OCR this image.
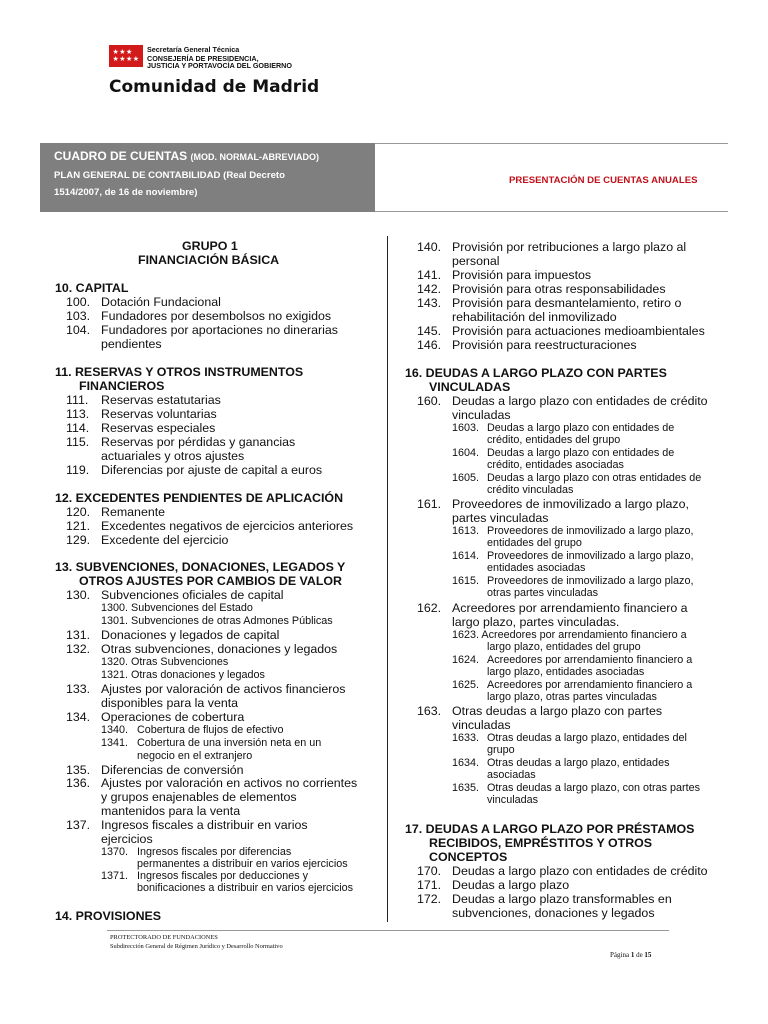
★★★
★★★★
Secretaría General Técnica
CONSEJERÍA DE PRESIDENCIA,
JUSTICIA Y PORTAVOCÍA DEL GOBIERNO
Comunidad de Madrid
CUADRO DE CUENTAS (MOD. NORMAL-ABREVIADO)
PLAN GENERAL DE CONTABILIDAD (Real Decreto
1514/2007, de 16 de noviembre)
PRESENTACIÓN DE CUENTAS ANUALES
GRUPO 1
FINANCIACIÓN BÁSICA
10. CAPITAL
100. Dotación Fundacional
103. Fundadores por desembolsos no exigidos
104. Fundadores por aportaciones no dinerarias
pendientes
11. RESERVAS Y OTROS INSTRUMENTOS
FINANCIEROS
111. Reservas estatutarias
113. Reservas voluntarias
114. Reservas especiales
115. Reservas por pérdidas y ganancias
actuariales y otros ajustes
119. Diferencias por ajuste de capital a euros
12. EXCEDENTES PENDIENTES DE APLICACIÓN
120. Remanente
121. Excedentes negativos de ejercicios anteriores
129. Excedente del ejercicio
13. SUBVENCIONES, DONACIONES, LEGADOS Y
OTROS AJUSTES POR CAMBIOS DE VALOR
130. Subvenciones oficiales de capital
1300. Subvenciones del Estado
1301. Subvenciones de otras Admones Públicas
131. Donaciones y legados de capital
132. Otras subvenciones, donaciones y legados
1320. Otras Subvenciones
1321. Otras donaciones y legados
133. Ajustes por valoración de activos financieros
disponibles para la venta
134. Operaciones de cobertura
1340. Cobertura de flujos de efectivo
1341. Cobertura de una inversión neta en un
negocio en el extranjero
135. Diferencias de conversión
136. Ajustes por valoración en activos no corrientes
y grupos enajenables de elementos
mantenidos para la venta
137. Ingresos fiscales a distribuir en varios
ejercicios
1370. Ingresos fiscales por diferencias
permanentes a distribuir en varios ejercicios
1371. Ingresos fiscales por deducciones y
bonificaciones a distribuir en varios ejercicios
14. PROVISIONES
140. Provisión por retribuciones a largo plazo al
personal
141. Provisión para impuestos
142. Provisión para otras responsabilidades
143. Provisión para desmantelamiento, retiro o
rehabilitación del inmovilizado
145. Provisión para actuaciones medioambientales
146. Provisión para reestructuraciones
16. DEUDAS A LARGO PLAZO CON PARTES
VINCULADAS
160. Deudas a largo plazo con entidades de crédito
vinculadas
1603. Deudas a largo plazo con entidades de
crédito, entidades del grupo
1604. Deudas a largo plazo con entidades de
crédito, entidades asociadas
1605. Deudas a largo plazo con otras entidades de
crédito vinculadas
161. Proveedores de inmovilizado a largo plazo,
partes vinculadas
1613. Proveedores de inmovilizado a largo plazo,
entidades del grupo
1614. Proveedores de inmovilizado a largo plazo,
entidades asociadas
1615. Proveedores de inmovilizado a largo plazo,
otras partes vinculadas
162. Acreedores por arrendamiento financiero a
largo plazo, partes vinculadas.
1623. Acreedores por arrendamiento financiero a
largo plazo, entidades del grupo
1624. Acreedores por arrendamiento financiero a
largo plazo, entidades asociadas
1625. Acreedores por arrendamiento financiero a
largo plazo, otras partes vinculadas
163. Otras deudas a largo plazo con partes
vinculadas
1633. Otras deudas a largo plazo, entidades del
grupo
1634. Otras deudas a largo plazo, entidades
asociadas
1635. Otras deudas a largo plazo, con otras partes
vinculadas
17. DEUDAS A LARGO PLAZO POR PRÉSTAMOS
RECIBIDOS, EMPRÉSTITOS Y OTROS
CONCEPTOS
170. Deudas a largo plazo con entidades de crédito
171. Deudas a largo plazo
172. Deudas a largo plazo transformables en
subvenciones, donaciones y legados
PROTECTORADO DE FUNDACIONES
Subdirección General de Régimen Jurídico y Desarrollo Normativo
Página 1 de 15
